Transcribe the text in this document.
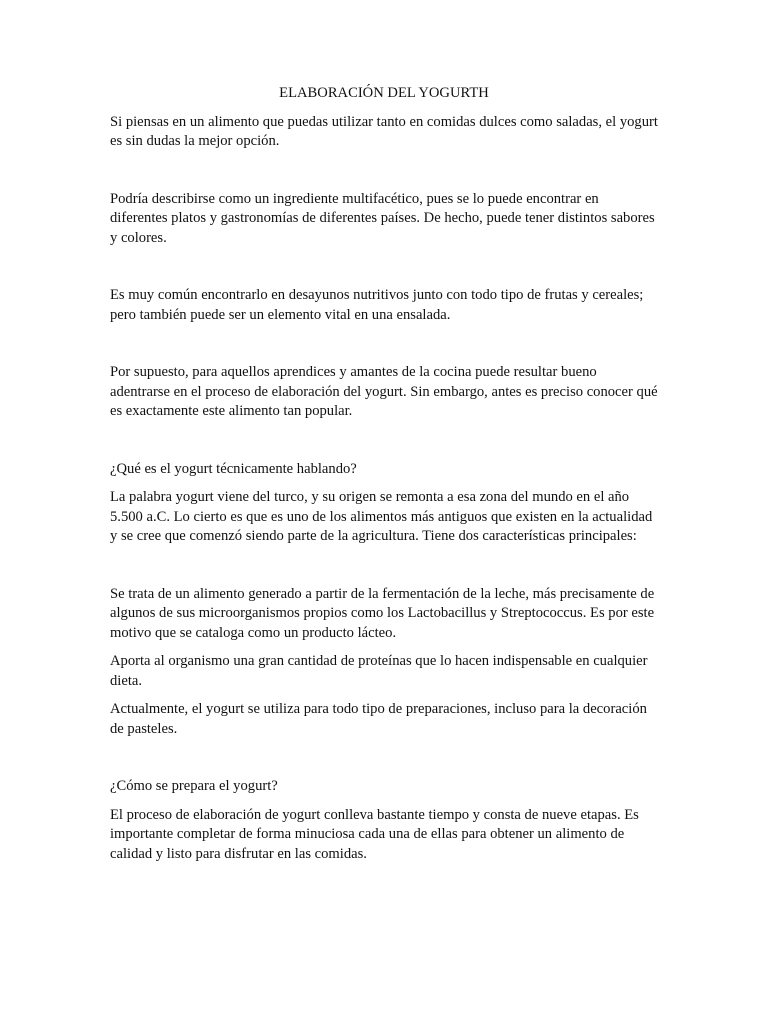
ELABORACIÓN DEL YOGURTH

Si piensas en un alimento que puedas utilizar tanto en comidas dulces como saladas, el yogurt es sin dudas la mejor opción.

Podría describirse como un ingrediente multifacético, pues se lo puede encontrar en diferentes platos y gastronomías de diferentes países. De hecho, puede tener distintos sabores y colores.

Es muy común encontrarlo en desayunos nutritivos junto con todo tipo de frutas y cereales; pero también puede ser un elemento vital en una ensalada.

Por supuesto, para aquellos aprendices y amantes de la cocina puede resultar bueno adentrarse en el proceso de elaboración del yogurt. Sin embargo, antes es preciso conocer qué es exactamente este alimento tan popular.

¿Qué es el yogurt técnicamente hablando?

La palabra yogurt viene del turco, y su origen se remonta a esa zona del mundo en el año 5.500 a.C. Lo cierto es que es uno de los alimentos más antiguos que existen en la actualidad y se cree que comenzó siendo parte de la agricultura. Tiene dos características principales:

Se trata de un alimento generado a partir de la fermentación de la leche, más precisamente de algunos de sus microorganismos propios como los Lactobacillus y Streptococcus. Es por este motivo que se cataloga como un producto lácteo.

Aporta al organismo una gran cantidad de proteínas que lo hacen indispensable en cualquier dieta.

Actualmente, el yogurt se utiliza para todo tipo de preparaciones, incluso para la decoración de pasteles.

¿Cómo se prepara el yogurt?

El proceso de elaboración de yogurt conlleva bastante tiempo y consta de nueve etapas. Es importante completar de forma minuciosa cada una de ellas para obtener un alimento de calidad y listo para disfrutar en las comidas.
